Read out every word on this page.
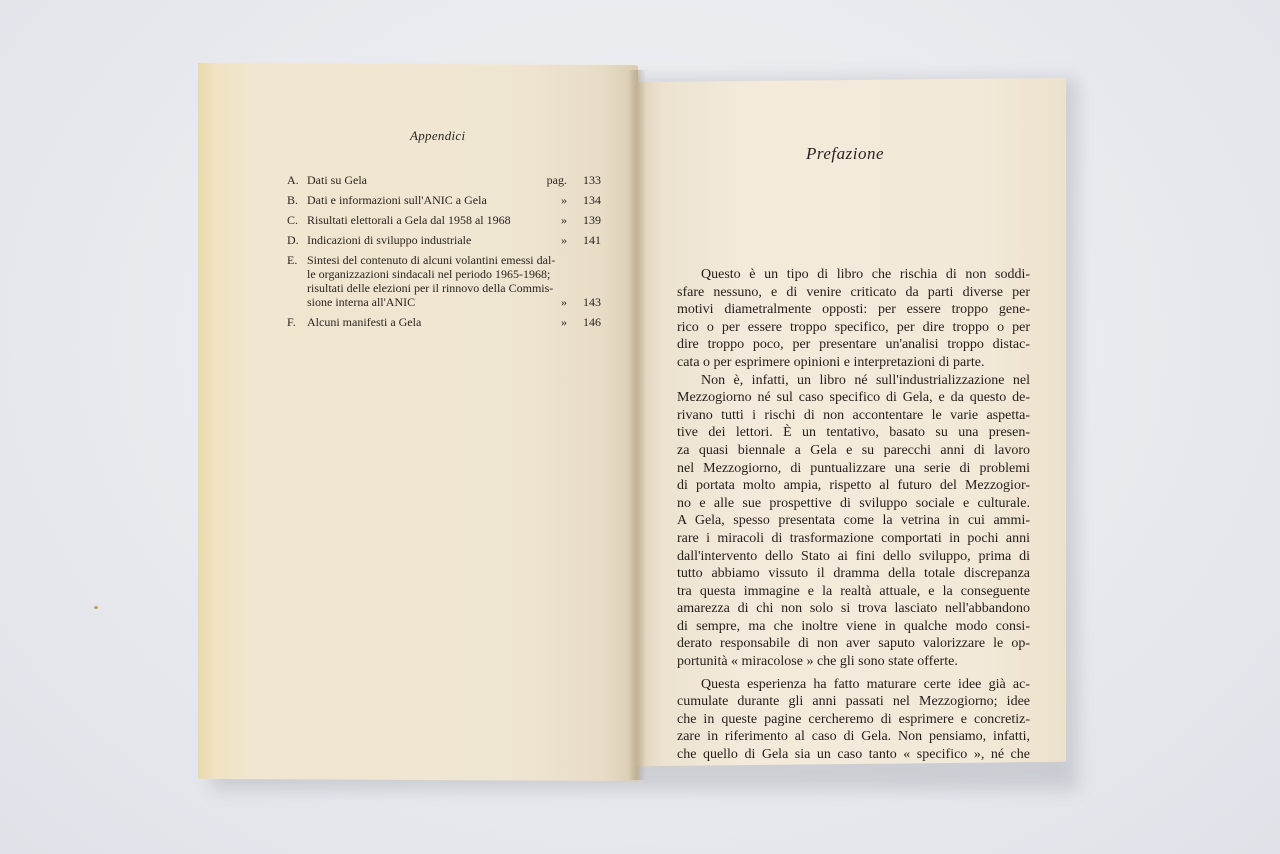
Appendici
A. Dati su Gela	pag.	133
B. Dati e informazioni sull'ANIC a Gela	»	134
C. Risultati elettorali a Gela dal 1958 al 1968	»	139
D. Indicazioni di sviluppo industriale	»	141
E. Sintesi del contenuto di alcuni volantini emessi dal-
le organizzazioni sindacali nel periodo 1965-1968;
risultati delle elezioni per il rinnovo della Commis-
sione interna all'ANIC	»	143
F. Alcuni manifesti a Gela	»	146
Prefazione
Questo è un tipo di libro che rischia di non soddi-
sfare nessuno, e di venire criticato da parti diverse per
motivi diametralmente opposti: per essere troppo gene-
rico o per essere troppo specifico, per dire troppo o per
dire troppo poco, per presentare un'analisi troppo distac-
cata o per esprimere opinioni e interpretazioni di parte.
Non è, infatti, un libro né sull'industrializzazione nel
Mezzogiorno né sul caso specifico di Gela, e da questo de-
rivano tutti i rischi di non accontentare le varie aspetta-
tive dei lettori. È un tentativo, basato su una presen-
za quasi biennale a Gela e su parecchi anni di lavoro
nel Mezzogiorno, di puntualizzare una serie di problemi
di portata molto ampia, rispetto al futuro del Mezzogior-
no e alle sue prospettive di sviluppo sociale e culturale.
A Gela, spesso presentata come la vetrina in cui ammi-
rare i miracoli di trasformazione comportati in pochi anni
dall'intervento dello Stato ai fini dello sviluppo, prima di
tutto abbiamo vissuto il dramma della totale discrepanza
tra questa immagine e la realtà attuale, e la conseguente
amarezza di chi non solo si trova lasciato nell'abbandono
di sempre, ma che inoltre viene in qualche modo consi-
derato responsabile di non aver saputo valorizzare le op-
portunità « miracolose » che gli sono state offerte.
Questa esperienza ha fatto maturare certe idee già ac-
cumulate durante gli anni passati nel Mezzogiorno; idee
che in queste pagine cercheremo di esprimere e concretiz-
zare in riferimento al caso di Gela. Non pensiamo, infatti,
che quello di Gela sia un caso tanto « specifico », né che
